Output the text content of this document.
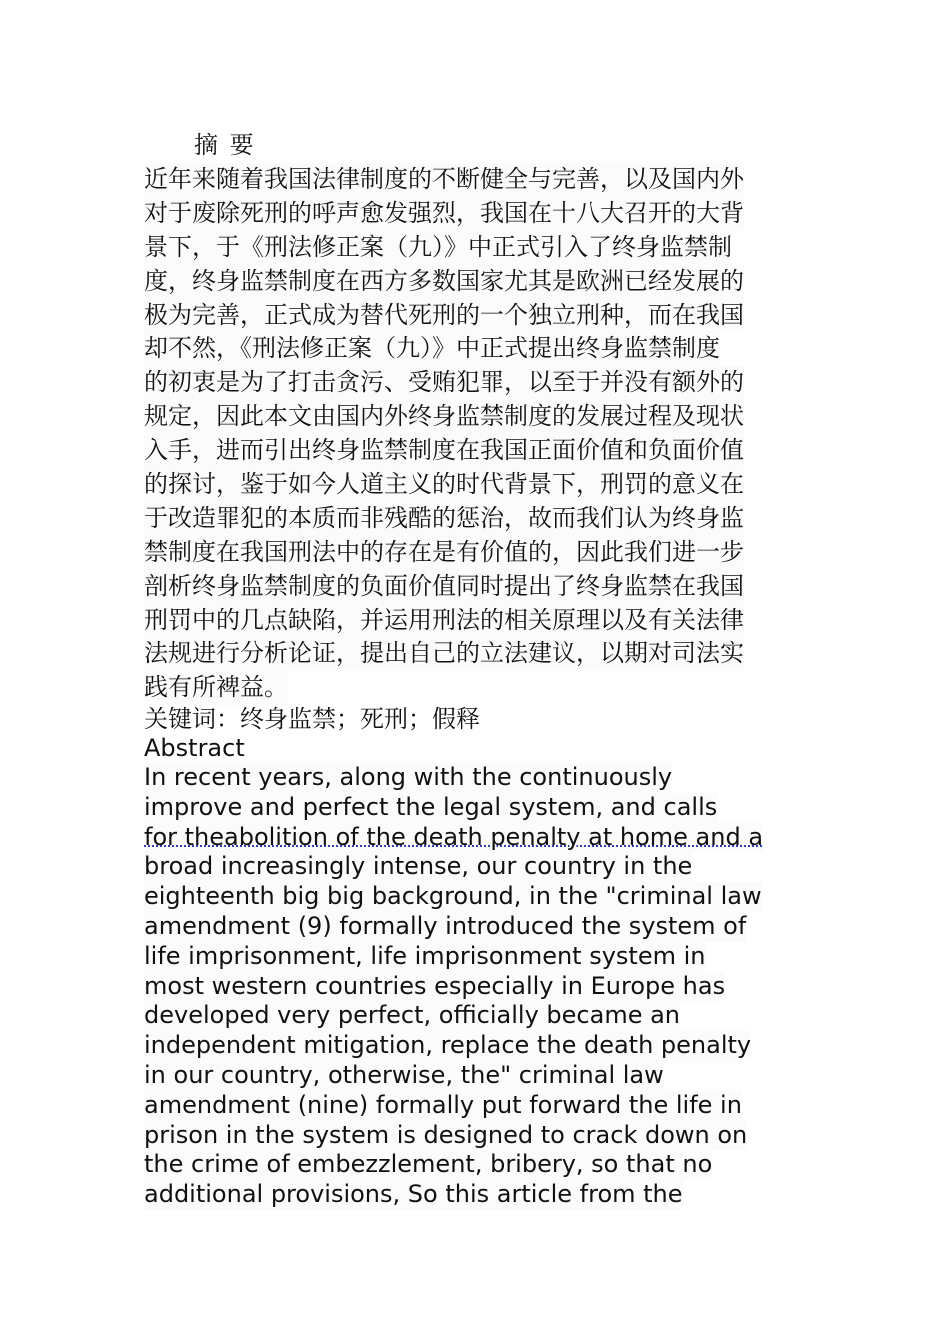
摘 要
近年来随着我国法律制度的不断健全与完善，以及国内外
对于废除死刑的呼声愈发强烈，我国在十八大召开的大背
景下，于《刑法修正案（九）》中正式引入了终身监禁制
度，终身监禁制度在西方多数国家尤其是欧洲已经发展的
极为完善，正式成为替代死刑的一个独立刑种，而在我国
却不然，《刑法修正案（九）》中正式提出终身监禁制度
的初衷是为了打击贪污、受贿犯罪，以至于并没有额外的
规定，因此本文由国内外终身监禁制度的发展过程及现状
入手，进而引出终身监禁制度在我国正面价值和负面价值
的探讨，鉴于如今人道主义的时代背景下，刑罚的意义在
于改造罪犯的本质而非残酷的惩治，故而我们认为终身监
禁制度在我国刑法中的存在是有价值的，因此我们进一步
剖析终身监禁制度的负面价值同时提出了终身监禁在我国
刑罚中的几点缺陷，并运用刑法的相关原理以及有关法律
法规进行分析论证，提出自己的立法建议，以期对司法实
践有所裨益。
关键词：终身监禁；死刑；假释
Abstract
In recent years, along with the continuously
improve and perfect the legal system, and calls
for theabolition of the death penalty at home and a
broad increasingly intense, our country in the
eighteenth big big background, in the "criminal law
amendment (9) formally introduced the system of
life imprisonment, life imprisonment system in
most western countries especially in Europe has
developed very perfect, officially became an
independent mitigation, replace the death penalty
in our country, otherwise, the" criminal law
amendment (nine) formally put forward the life in
prison in the system is designed to crack down on
the crime of embezzlement, bribery, so that no
additional provisions, So this article from the
